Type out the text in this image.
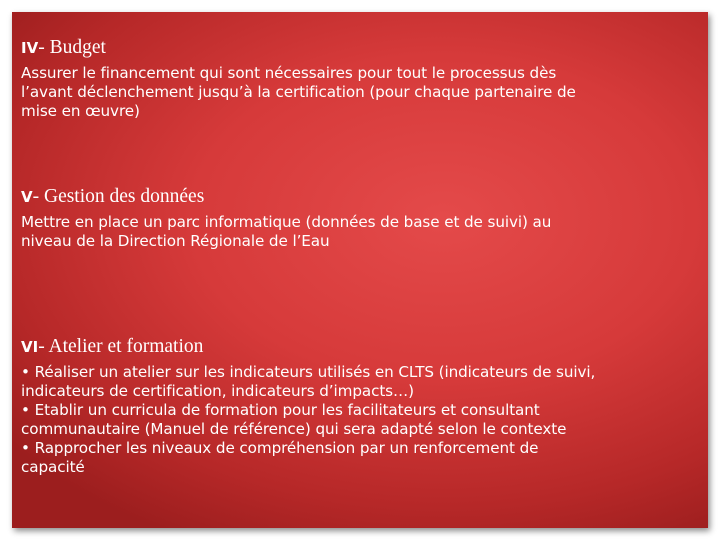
IV- Budget

Assurer le financement qui sont nécessaires pour tout le processus dès

l’avant déclenchement jusqu’à la certification (pour chaque partenaire de

mise en œuvre)

V- Gestion des données

Mettre en place un parc informatique (données de base et de suivi) au

niveau de la Direction Régionale de l’Eau

VI- Atelier et formation

• Réaliser un atelier sur les indicateurs utilisés en CLTS (indicateurs de suivi,

indicateurs de certification, indicateurs d’impacts…)

• Etablir un curricula de formation pour les facilitateurs et consultant

communautaire (Manuel de référence) qui sera adapté selon le contexte

• Rapprocher les niveaux de compréhension par un renforcement de

capacité
